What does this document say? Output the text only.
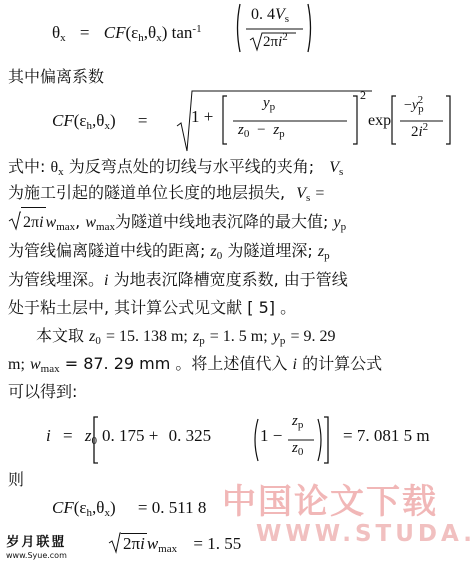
$\theta_x = CF(\varepsilon_h,\theta_x)$ $\tan^{-1}$
0. $4V_s$
$2\pi i^2$
其中偏离系数
$CF(\varepsilon_h,\theta_x)$ =	1 +
$y_p$
$z_0 - z_p$
2
exp
$-y_p^2$
$2i^2$
式中: $\theta_x$ 为反弯点处的切线与水平线的夹角; $V_s$
为施工引起的隧道单位长度的地层损失, $V_s$ =
2πi $w_{max}$, $w_{max}$为隧道中线地表沉降的最大值; $y_p$
为管线偏离隧道中线的距离; $z_0$ 为隧道埋深; $z_p$
为管线埋深。i 为地表沉降槽宽度系数, 由于管线
处于粘土层中, 其计算公式见文献 [ 5] 。
本文取 $z_0 = 15$. 138 m; $z_p = 1$. 5 m; $y_p = 9$. 29
m; $w_{max} = 87$. 29 mm 。将上述值代入 i 的计算公式
可以得到:
$i = z_0$ 0. 175 + 0. 325	1 −
$z_p$
$z_0$
= 7. 081 5 m
则
$CF(\varepsilon_h,\theta_x) = 0$. 511 8 中国论文下载
WWW.STUDA.
2πi $w_{max} = 1$. 55
岁月联盟
www.Syue.com
